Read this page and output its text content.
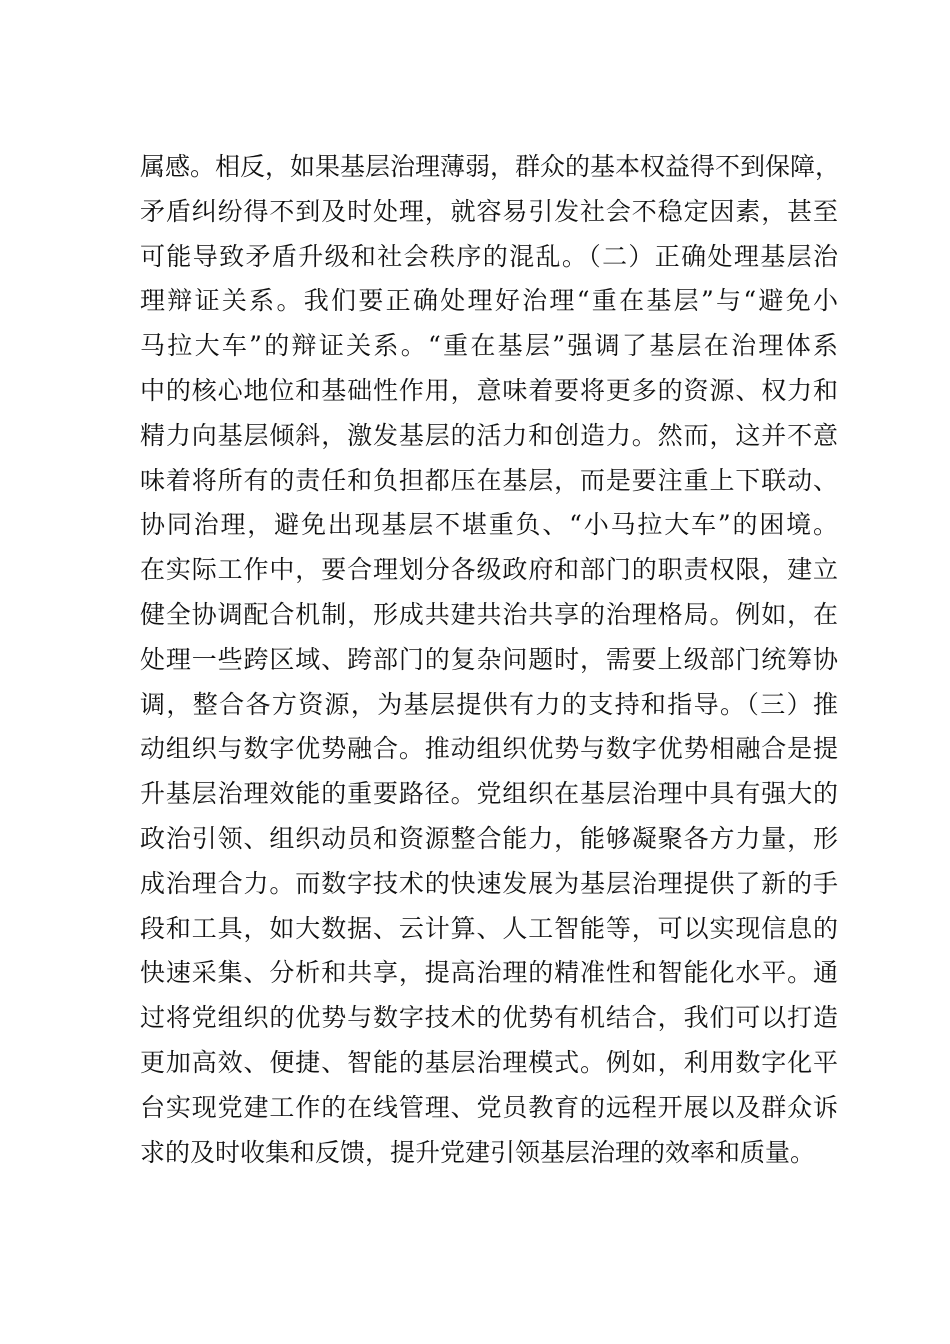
属感。相反，如果基层治理薄弱，群众的基本权益得不到保障，
矛盾纠纷得不到及时处理，就容易引发社会不稳定因素，甚至
可能导致矛盾升级和社会秩序的混乱。（二）正确处理基层治
理辩证关系。我们要正确处理好治理“重在基层”与“避免小
马拉大车”的辩证关系。“重在基层”强调了基层在治理体系
中的核心地位和基础性作用，意味着要将更多的资源、权力和
精力向基层倾斜，激发基层的活力和创造力。然而，这并不意
味着将所有的责任和负担都压在基层，而是要注重上下联动、
协同治理，避免出现基层不堪重负、“小马拉大车”的困境。
在实际工作中，要合理划分各级政府和部门的职责权限，建立
健全协调配合机制，形成共建共治共享的治理格局。例如，在
处理一些跨区域、跨部门的复杂问题时，需要上级部门统筹协
调，整合各方资源，为基层提供有力的支持和指导。（三）推
动组织与数字优势融合。推动组织优势与数字优势相融合是提
升基层治理效能的重要路径。党组织在基层治理中具有强大的
政治引领、组织动员和资源整合能力，能够凝聚各方力量，形
成治理合力。而数字技术的快速发展为基层治理提供了新的手
段和工具，如大数据、云计算、人工智能等，可以实现信息的
快速采集、分析和共享，提高治理的精准性和智能化水平。通
过将党组织的优势与数字技术的优势有机结合，我们可以打造
更加高效、便捷、智能的基层治理模式。例如，利用数字化平
台实现党建工作的在线管理、党员教育的远程开展以及群众诉
求的及时收集和反馈，提升党建引领基层治理的效率和质量。
